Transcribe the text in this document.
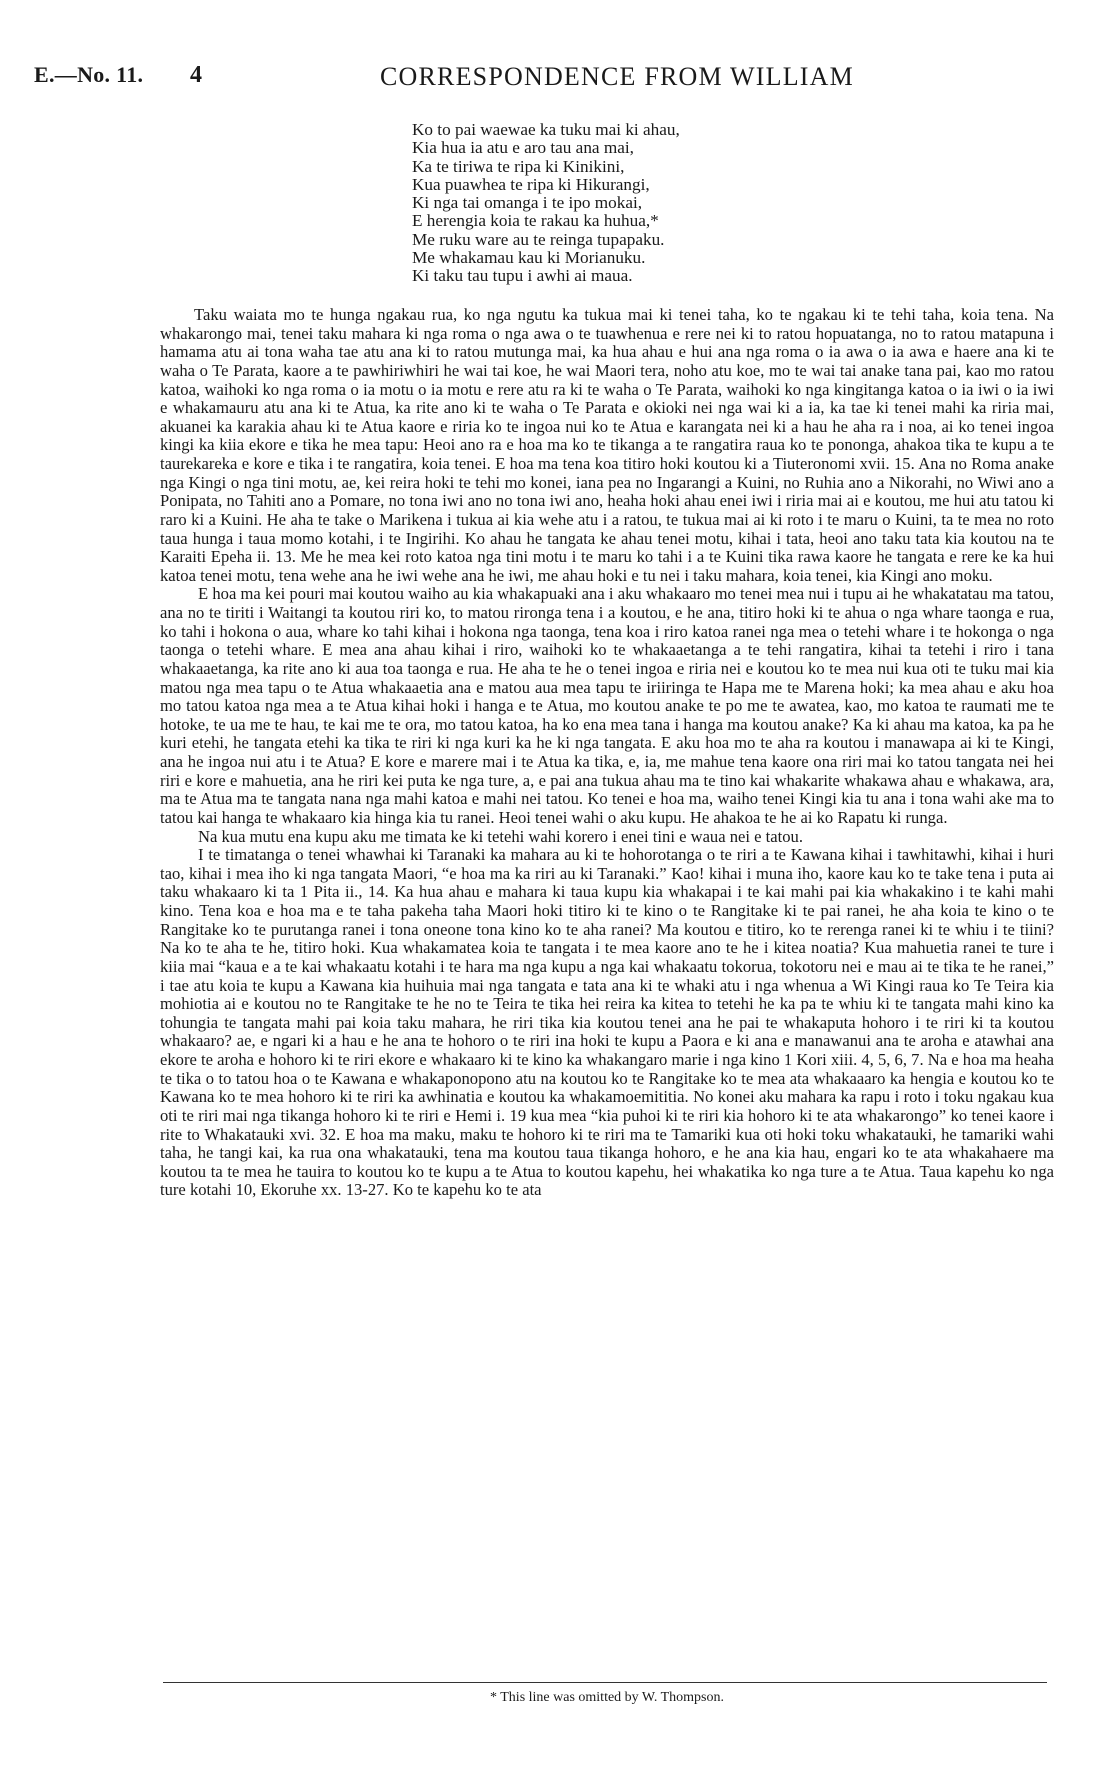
E.—No. 11. 4	CORRESPONDENCE FROM WILLIAM
Ko to pai waewae ka tuku mai ki ahau,
Kia hua ia atu e aro tau ana mai,
Ka te tiriwa te ripa ki Kinikini,
Kua puawhea te ripa ki Hikurangi,
Ki nga tai omanga i te ipo mokai,
E herengia koia te rakau ka huhua,*
Me ruku ware au te reinga tupapaku.
Me whakamau kau ki Morianuku.
Ki taku tau tupu i awhi ai maua.

Taku waiata mo te hunga ngakau rua, ko nga ngutu ka tukua mai ki tenei taha, ko te ngakau ki te tehi taha, koia tena. Na whakarongo mai, tenei taku mahara ki nga roma o nga awa o te tuawhenua e rere nei ki to ratou hopuatanga, no to ratou matapuna i hamama atu ai tona waha tae atu ana ki to ratou mutunga mai, ka hua ahau e hui ana nga roma o ia awa o ia awa e haere ana ki te waha o Te Parata, kaore a te pawhiriwhiri he wai tai koe, he wai Maori tera, noho atu koe, mo te wai tai anake tana pai, kao mo ratou katoa, waihoki ko nga roma o ia motu o ia motu e rere atu ra ki te waha o Te Parata, waihoki ko nga kingitanga katoa o ia iwi o ia iwi e whakamauru atu ana ki te Atua, ka rite ano ki te waha o Te Parata e okioki nei nga wai ki a ia, ka tae ki tenei mahi ka riria mai, akuanei ka karakia ahau ki te Atua kaore e riria ko te ingoa nui ko te Atua e karangata nei ki a hau he aha ra i noa, ai ko tenei ingoa kingi ka kiia ekore e tika he mea tapu: Heoi ano ra e hoa ma ko te tikanga a te rangatira raua ko te pononga, ahakoa tika te kupu a te taurekareka e kore e tika i te rangatira, koia tenei. E hoa ma tena koa titiro hoki koutou ki a Tiuteronomi xvii. 15. Ana no Roma anake nga Kingi o nga tini motu, ae, kei reira hoki te tehi mo konei, iana pea no Ingarangi a Kuini, no Ruhia ano a Nikorahi, no Wiwi ano a Ponipata, no Tahiti ano a Pomare, no tona iwi ano no tona iwi ano, heaha hoki ahau enei iwi i riria mai ai e koutou, me hui atu tatou ki raro ki a Kuini. He aha te take o Marikena i tukua ai kia wehe atu i a ratou, te tukua mai ai ki roto i te maru o Kuini, ta te mea no roto taua hunga i taua momo kotahi, i te Ingirihi. Ko ahau he tangata ke ahau tenei motu, kihai i tata, heoi ano taku tata kia koutou na te Karaiti Epeha ii. 13. Me he mea kei roto katoa nga tini motu i te maru ko tahi i a te Kuini tika rawa kaore he tangata e rere ke ka hui katoa tenei motu, tena wehe ana he iwi wehe ana he iwi, me ahau hoki e tu nei i taku mahara, koia tenei, kia Kingi ano moku.

E hoa ma kei pouri mai koutou waiho au kia whakapuaki ana i aku whakaaro mo tenei mea nui i tupu ai he whakatatau ma tatou, ana no te tiriti i Waitangi ta koutou riri ko, to matou rironga tena i a koutou, e he ana, titiro hoki ki te ahua o nga whare taonga e rua, ko tahi i hokona o aua, whare ko tahi kihai i hokona nga taonga, tena koa i riro katoa ranei nga mea o tetehi whare i te hokonga o nga taonga o tetehi whare. E mea ana ahau kihai i riro, waihoki ko te whakaaetanga a te tehi rangatira, kihai ta tetehi i riro i tana whakaaetanga, ka rite ano ki aua toa taonga e rua. He aha te he o tenei ingoa e riria nei e koutou ko te mea nui kua oti te tuku mai kia matou nga mea tapu o te Atua whakaaetia ana e matou aua mea tapu te iriiringa te Hapa me te Marena hoki; ka mea ahau e aku hoa mo tatou katoa nga mea a te Atua kihai hoki i hanga e te Atua, mo koutou anake te po me te awatea, kao, mo katoa te raumati me te hotoke, te ua me te hau, te kai me te ora, mo tatou katoa, ha ko ena mea tana i hanga ma koutou anake? Ka ki ahau ma katoa, ka pa he kuri etehi, he tangata etehi ka tika te riri ki nga kuri ka he ki nga tangata. E aku hoa mo te aha ra koutou i manawapa ai ki te Kingi, ana he ingoa nui atu i te Atua? E kore e marere mai i te Atua ka tika, e, ia, me mahue tena kaore ona riri mai ko tatou tangata nei hei riri e kore e mahuetia, ana he riri kei puta ke nga ture, a, e pai ana tukua ahau ma te tino kai whakarite whakawa ahau e whakawa, ara, ma te Atua ma te tangata nana nga mahi katoa e mahi nei tatou. Ko tenei e hoa ma, waiho tenei Kingi kia tu ana i tona wahi ake ma to tatou kai hanga te whakaaro kia hinga kia tu ranei. Heoi tenei wahi o aku kupu. He ahakoa te he ai ko Rapatu ki runga.

Na kua mutu ena kupu aku me timata ke ki tetehi wahi korero i enei tini e waua nei e tatou.

I te timatanga o tenei whawhai ki Taranaki ka mahara au ki te hohorotanga o te riri a te Kawana kihai i tawhitawhi, kihai i huri tao, kihai i mea iho ki nga tangata Maori, “e hoa ma ka riri au ki Taranaki.” Kao! kihai i muna iho, kaore kau ko te take tena i puta ai taku whakaaro ki ta 1 Pita ii., 14. Ka hua ahau e mahara ki taua kupu kia whakapai i te kai mahi pai kia whakakino i te kahi mahi kino. Tena koa e hoa ma e te taha pakeha taha Maori hoki titiro ki te kino o te Rangitake ki te pai ranei, he aha koia te kino o te Rangitake ko te purutanga ranei i tona oneone tona kino ko te aha ranei? Ma koutou e titiro, ko te rerenga ranei ki te whiu i te tiini? Na ko te aha te he, titiro hoki. Kua whakamatea koia te tangata i te mea kaore ano te he i kitea noatia? Kua mahuetia ranei te ture i kiia mai “kaua e a te kai whakaatu kotahi i te hara ma nga kupu a nga kai whakaatu tokorua, tokotoru nei e mau ai te tika te he ranei,” i tae atu koia te kupu a Kawana kia huihuia mai nga tangata e tata ana ki te whaki atu i nga whenua a Wi Kingi raua ko Te Teira kia mohiotia ai e koutou no te Rangitake te he no te Teira te tika hei reira ka kitea to tetehi he ka pa te whiu ki te tangata mahi kino ka tohungia te tangata mahi pai koia taku mahara, he riri tika kia koutou tenei ana he pai te whakaputa hohoro i te riri ki ta koutou whakaaro? ae, e ngari ki a hau e he ana te hohoro o te riri ina hoki te kupu a Paora e ki ana e manawanui ana te aroha e atawhai ana ekore te aroha e hohoro ki te riri ekore e whakaaro ki te kino ka whakangaro marie i nga kino 1 Kori xiii. 4, 5, 6, 7. Na e hoa ma heaha te tika o to tatou hoa o te Kawana e whakaponopono atu na koutou ko te Rangitake ko te mea ata whakaaaro ka hengia e koutou ko te Kawana ko te mea hohoro ki te riri ka awhinatia e koutou ka whakamoemititia. No konei aku mahara ka rapu i roto i toku ngakau kua oti te riri mai nga tikanga hohoro ki te riri e Hemi i. 19 kua mea “kia puhoi ki te riri kia hohoro ki te ata whakarongo” ko tenei kaore i rite to Whakatauki xvi. 32. E hoa ma maku, maku te hohoro ki te riri ma te Tamariki kua oti hoki toku whakatauki, he tamariki wahi taha, he tangi kai, ka rua ona whakatauki, tena ma koutou taua tikanga hohoro, e he ana kia hau, engari ko te ata whakahaere ma koutou ta te mea he tauira to koutou ko te kupu a te Atua to koutou kapehu, hei whakatika ko nga ture a te Atua. Taua kapehu ko nga ture kotahi 10, Ekoruhe xx. 13-27. Ko te kapehu ko te ata

* This line was omitted by W. Thompson.
